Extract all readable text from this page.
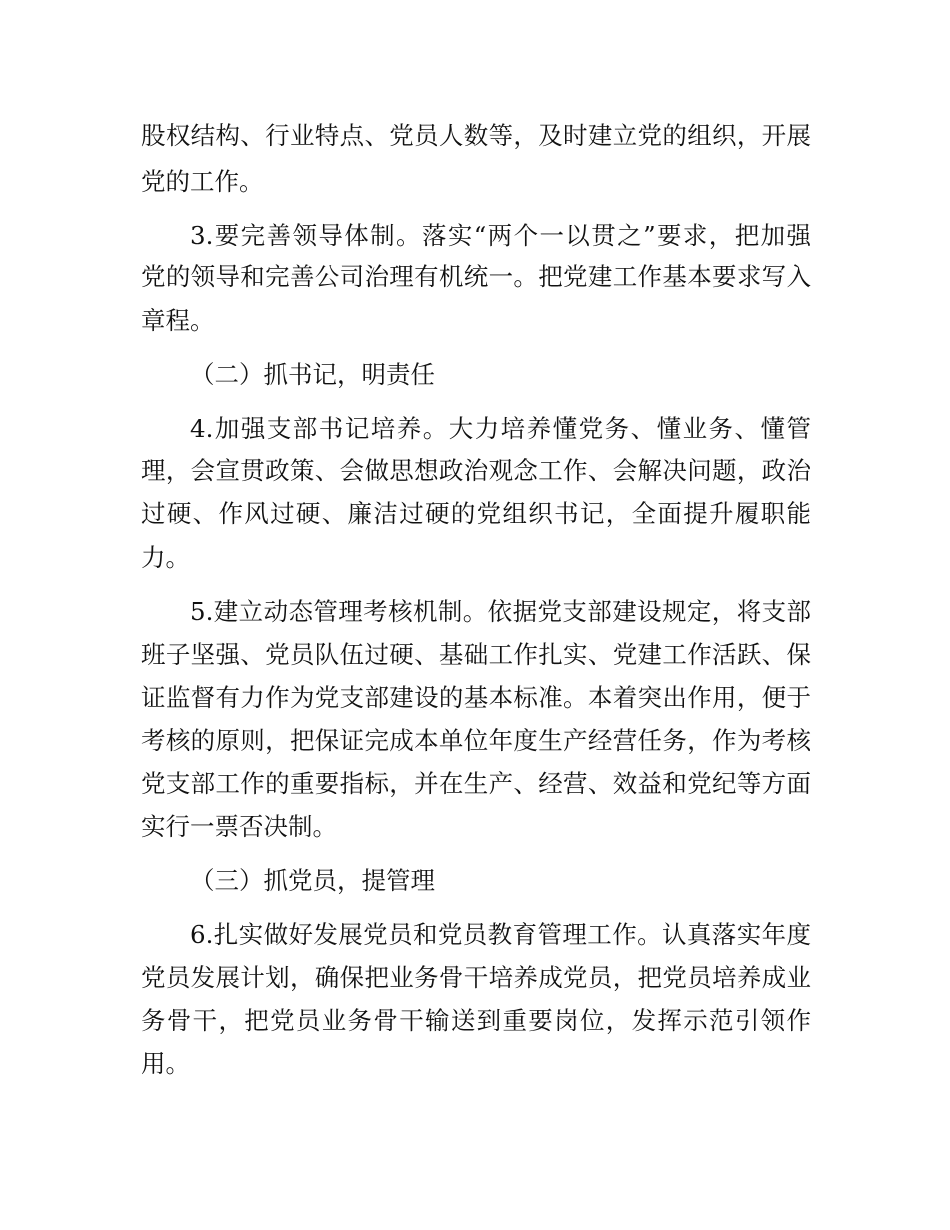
股权结构、行业特点、党员人数等，及时建立党的组织，开展
党的工作。
3.要完善领导体制。落实“两个一以贯之”要求，把加强
党的领导和完善公司治理有机统一。把党建工作基本要求写入
章程。
（二）抓书记，明责任
4.加强支部书记培养。大力培养懂党务、懂业务、懂管
理，会宣贯政策、会做思想政治观念工作、会解决问题，政治
过硬、作风过硬、廉洁过硬的党组织书记，全面提升履职能
力。
5.建立动态管理考核机制。依据党支部建设规定，将支部
班子坚强、党员队伍过硬、基础工作扎实、党建工作活跃、保
证监督有力作为党支部建设的基本标准。本着突出作用，便于
考核的原则，把保证完成本单位年度生产经营任务，作为考核
党支部工作的重要指标，并在生产、经营、效益和党纪等方面
实行一票否决制。
（三）抓党员，提管理
6.扎实做好发展党员和党员教育管理工作。认真落实年度
党员发展计划，确保把业务骨干培养成党员，把党员培养成业
务骨干，把党员业务骨干输送到重要岗位，发挥示范引领作
用。
